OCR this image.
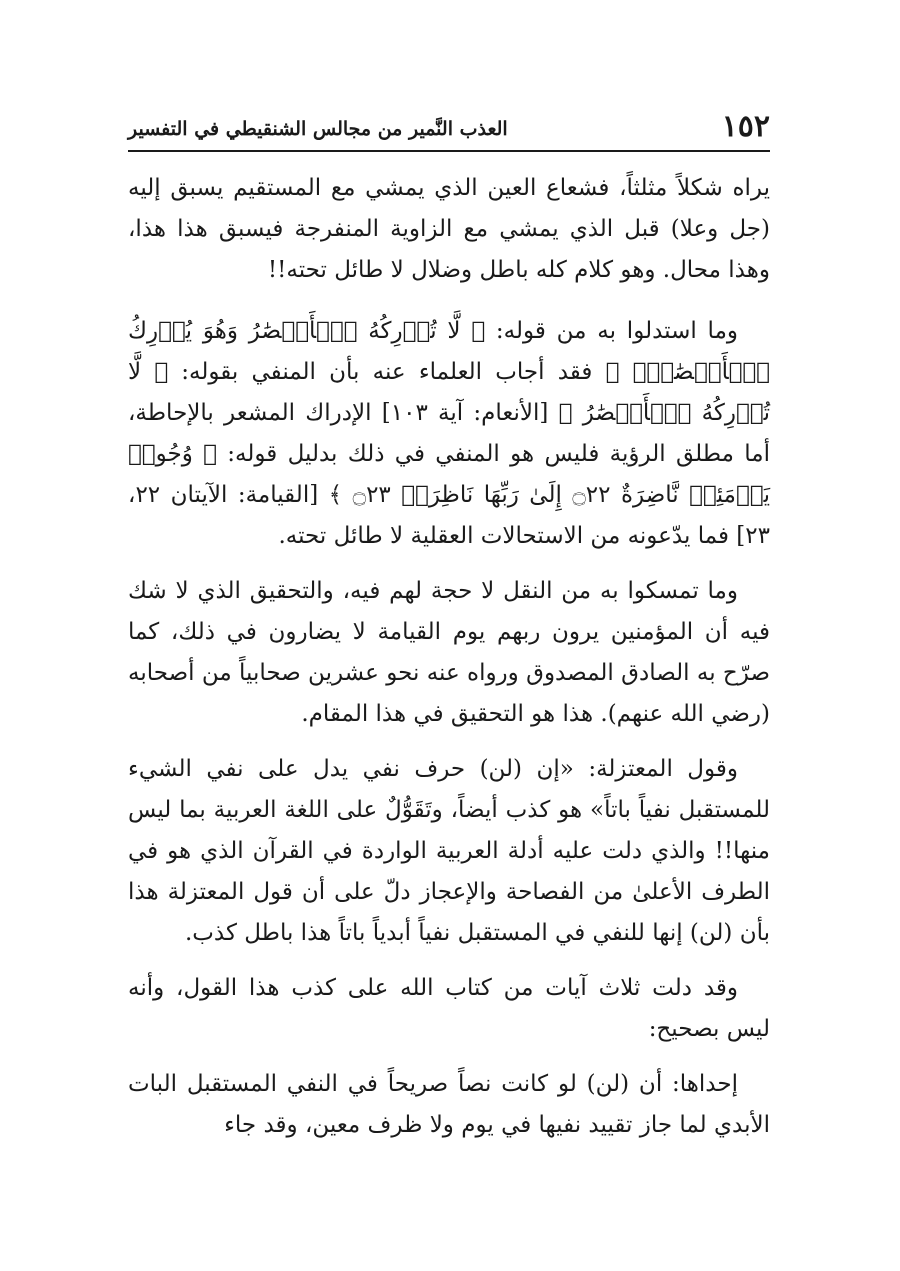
١٥٢
العذب النَّمير من مجالس الشنقيطي في التفسير

يراه شكلاً مثلثاً، فشعاع العين الذي يمشي مع المستقيم يسبق إليه (جل وعلا) قبل الذي يمشي مع الزاوية المنفرجة فيسبق هذا هذا، وهذا محال. وهو كلام كله باطل وضلال لا طائل تحته!!

وما استدلوا به من قوله: ﴿ لَّا تُدۡرِكُهُ ٱلۡأَبۡصَٰرُ وَهُوَ يُدۡرِكُ ٱلۡأَبۡصَٰرَۖ ﴾ فقد أجاب العلماء عنه بأن المنفي بقوله: ﴿ لَّا تُدۡرِكُهُ ٱلۡأَبۡصَٰرُ ﴾ [الأنعام: آية ١٠٣] الإدراك المشعر بالإحاطة، أما مطلق الرؤية فليس هو المنفي في ذلك بدليل قوله: ﴿ وُجُوهٞ يَوۡمَئِذٖ نَّاضِرَةٌ ۝٢٢ إِلَىٰ رَبِّهَا نَاظِرَةٞ ۝٢٣ ﴾ [القيامة: الآيتان ٢٢، ٢٣] فما يدّعونه من الاستحالات العقلية لا طائل تحته.

وما تمسكوا به من النقل لا حجة لهم فيه، والتحقيق الذي لا شك فيه أن المؤمنين يرون ربهم يوم القيامة لا يضارون في ذلك، كما صرّح به الصادق المصدوق ورواه عنه نحو عشرين صحابياً من أصحابه (رضي الله عنهم). هذا هو التحقيق في هذا المقام.

وقول المعتزلة: «إن (لن) حرف نفي يدل على نفي الشيء للمستقبل نفياً باتاً» هو كذب أيضاً، وتَقَوُّلٌ على اللغة العربية بما ليس منها!! والذي دلت عليه أدلة العربية الواردة في القرآن الذي هو في الطرف الأعلىٰ من الفصاحة والإعجاز دلّ على أن قول المعتزلة هذا بأن (لن) إنها للنفي في المستقبل نفياً أبدياً باتاً هذا باطل كذب.

وقد دلت ثلاث آيات من كتاب الله على كذب هذا القول، وأنه ليس بصحيح:

إحداها: أن (لن) لو كانت نصاً صريحاً في النفي المستقبل البات الأبدي لما جاز تقييد نفيها في يوم ولا ظرف معين، وقد جاء
